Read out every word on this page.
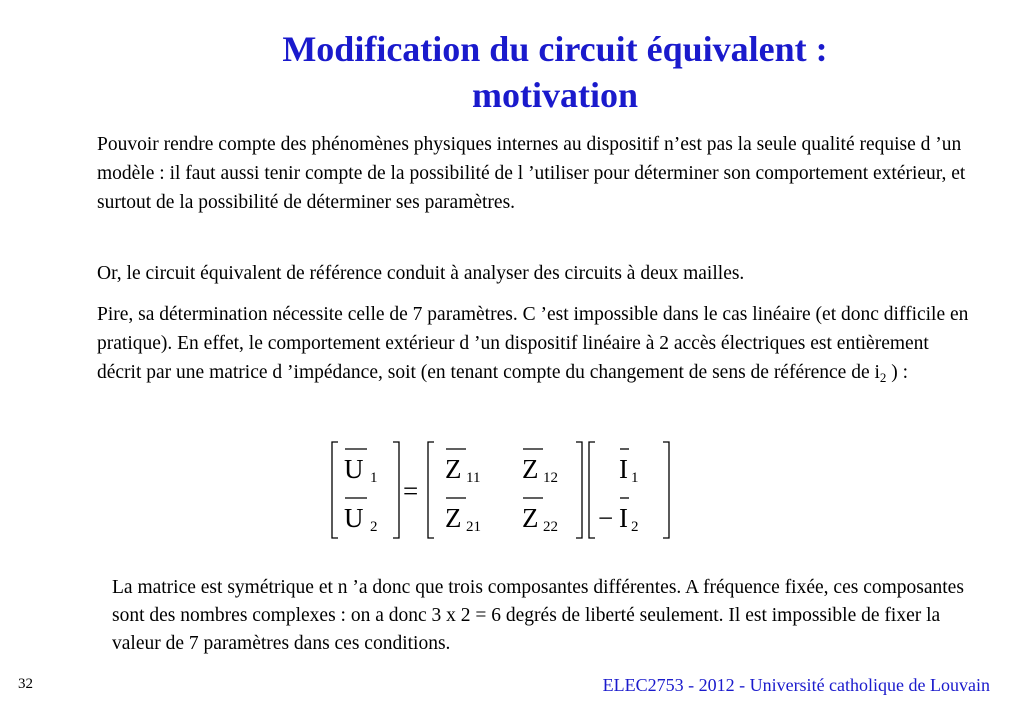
Modification du circuit équivalent :
motivation
Pouvoir rendre compte des phénomènes physiques internes au dispositif n’est pas la seule qualité requise d ’un modèle : il faut aussi tenir compte de la possibilité de l ’utiliser pour déterminer son comportement extérieur, et surtout de la possibilité de déterminer ses paramètres.
Or, le circuit équivalent de référence conduit à analyser des circuits à deux mailles.
Pire, sa détermination nécessite celle de 7 paramètres. C ’est impossible dans le cas linéaire (et donc difficile en pratique). En effet, le comportement extérieur d ’un dispositif linéaire à 2 accès électriques est entièrement décrit par une matrice d ’impédance, soit (en tenant compte du changement de sens de référence de $i_2$ ) :
U 1
U 2
=
Z 11 Z 12
Z 21 Z 22
I 1
− I 2
La matrice est symétrique et n ’a donc que trois composantes différentes. A fréquence fixée, ces composantes sont des nombres complexes : on a donc 3 x 2 = 6 degrés de liberté seulement. Il est impossible de fixer la valeur de 7 paramètres dans ces conditions.
32	ELEC2753 - 2012 - Université catholique de Louvain
